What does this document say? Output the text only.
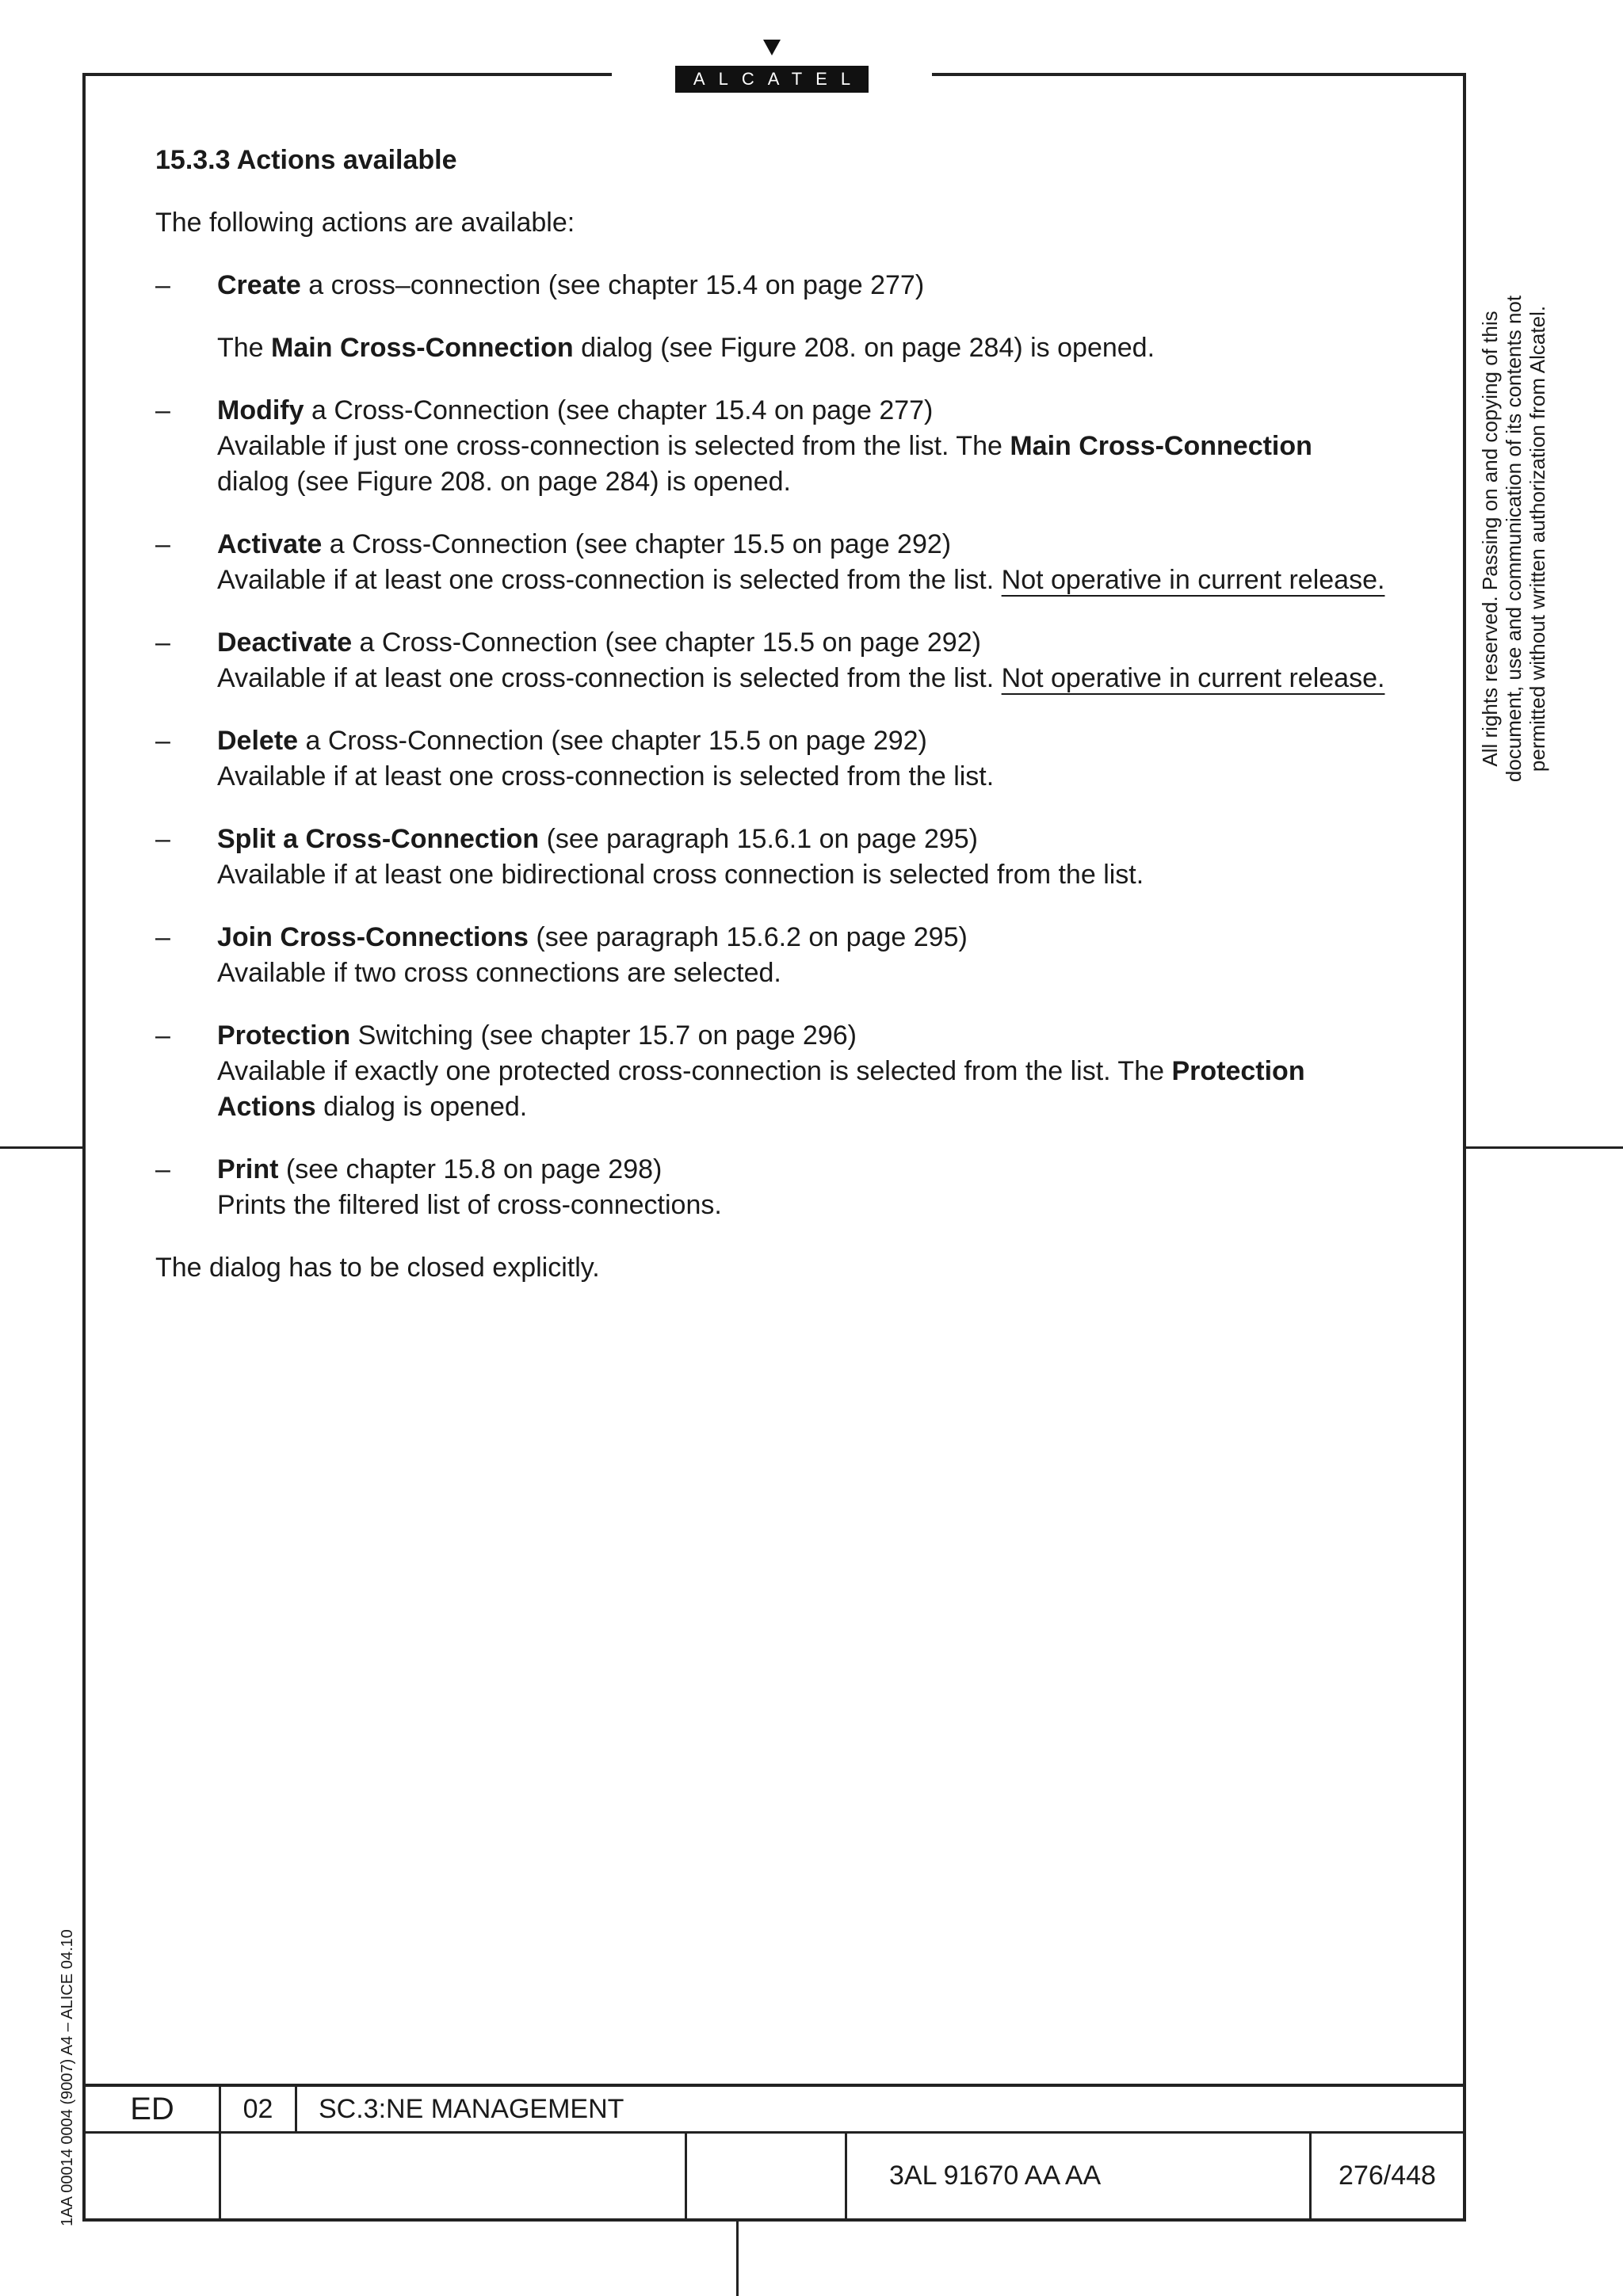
ALCATEL

15.3.3 Actions available

The following actions are available:

– Create a cross–connection (see chapter 15.4 on page 277)
The Main Cross-Connection dialog (see Figure 208. on page 284) is opened.
– Modify a Cross-Connection (see chapter 15.4 on page 277)
Available if just one cross-connection is selected from the list. The Main Cross-Connection dialog (see Figure 208. on page 284) is opened.
– Activate a Cross-Connection (see chapter 15.5 on page 292)
Available if at least one cross-connection is selected from the list. Not operative in current release.
– Deactivate a Cross-Connection (see chapter 15.5 on page 292)
Available if at least one cross-connection is selected from the list. Not operative in current release.
– Delete a Cross-Connection (see chapter 15.5 on page 292)
Available if at least one cross-connection is selected from the list.
– Split a Cross-Connection (see paragraph 15.6.1 on page 295)
Available if at least one bidirectional cross connection is selected from the list.
– Join Cross-Connections (see paragraph 15.6.2 on page 295)
Available if two cross connections are selected.
– Protection Switching (see chapter 15.7 on page 296)
Available if exactly one protected cross-connection is selected from the list. The Protection Actions dialog is opened.
– Print (see chapter 15.8 on page 298)
Prints the filtered list of cross-connections.

The dialog has to be closed explicitly.

All rights reserved. Passing on and copying of this document, use and communication of its contents not permitted without written authorization from Alcatel.
1AA 00014 0004 (9007) A4 – ALICE 04.10	ED	02	SC.3:NE MANAGEMENT
3AL 91670 AA AA	276/448
